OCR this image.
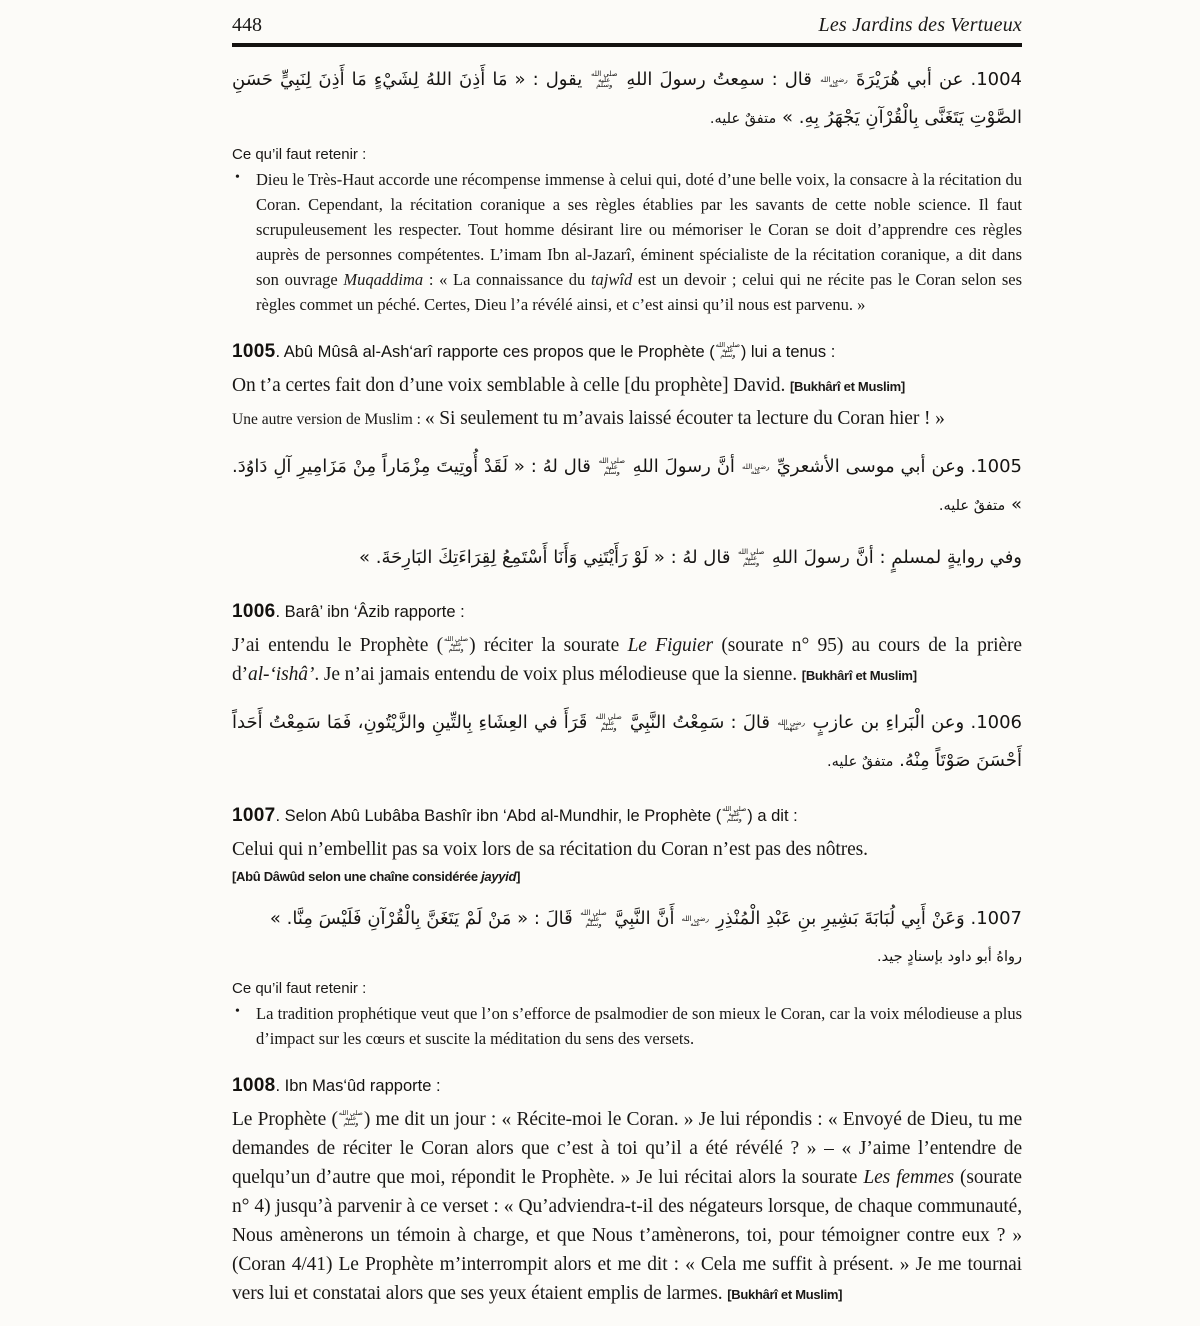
448	Les Jardins des Vertueux

1004. عن أبي هُرَيْرَةَ رضي الله عنه قال : سمِعتُ رسولَ اللهِ صلى الله عليه وسلم يقول : « مَا أَذِنَ اللهُ لِشَيْءٍ مَا أَذِنَ لِنَبِيٍّ حَسَنِ الصَّوْتِ يَتَغَنَّى بِالْقُرْآنِ يَجْهَرُ بِهِ. » متفقٌ عليه.

Ce qu’il faut retenir :
• Dieu le Très-Haut accorde une récompense immense à celui qui, doté d’une belle voix, la consacre à la récitation du Coran. Cependant, la récitation coranique a ses règles établies par les savants de cette noble science. Il faut scrupuleusement les respecter. Tout homme désirant lire ou mémoriser le Coran se doit d’apprendre ces règles auprès de personnes compétentes. L’imam Ibn al-Jazarî, éminent spécialiste de la récitation coranique, a dit dans son ouvrage Muqaddima : « La connaissance du tajwîd est un devoir ; celui qui ne récite pas le Coran selon ses règles commet un péché. Certes, Dieu l’a révélé ainsi, et c’est ainsi qu’il nous est parvenu. »
1005. Abû Mûsâ al-Ash‘arî rapporte ces propos que le Prophète (صلى الله عليه وسلم ) lui a tenus :

On t’a certes fait don d’une voix semblable à celle [du prophète] David. [Bukhârî et Muslim]

Une autre version de Muslim : « Si seulement tu m’avais laissé écouter ta lecture du Coran hier ! »

1005. وعن أبي موسى الأشعريِّ رضي الله عنه أنَّ رسولَ اللهِ صلى الله عليه وسلم قال لهُ : « لَقَدْ أُوتِيتَ مِزْمَاراً مِنْ مَزَامِيرِ آلِ دَاوُدَ. » متفقٌ عليه.

وفي روايةٍ لمسلمٍ : أنَّ رسولَ اللهِ صلى الله عليه وسلم قال لهُ : « لَوْ رَأَيْتَنِي وَأَنَا أَسْتَمِعُ لِقِرَاءَتِكَ البَارِحَةَ. »

1006. Barâ’ ibn ‘Âzib rapporte :

J’ai entendu le Prophète (صلى الله عليه وسلم ) réciter la sourate Le Figuier (sourate n° 95) au cours de la prière d’al-‘ishâ’. Je n’ai jamais entendu de voix plus mélodieuse que la sienne. [Bukhârî et Muslim]

1006. وعن الْبَراءِ بن عازبٍ رضي الله عنهما قالَ : سَمِعْتُ النَّبِيَّ صلى الله عليه وسلم قَرَأَ في العِشَاءِ بِالتِّينِ والزَّيْتُونِ، فَمَا سَمِعْتُ أَحَداً أَحْسَنَ صَوْتَاً مِنْهُ. متفقٌ عليه.

1007. Selon Abû Lubâba Bashîr ibn ‘Abd al-Mundhir, le Prophète (صلى الله عليه وسلم ) a dit :

Celui qui n’embellit pas sa voix lors de sa récitation du Coran n’est pas des nôtres.

[Abû Dâwûd selon une chaîne considérée jayyid]

1007. وَعَنْ أَبِي لُبَابَةَ بَشِيرِ بنِ عَبْدِ الْمُنْذِرِ رضي الله عنه أَنَّ النَّبِيَّ صلى الله عليه وسلم قَالَ : « مَنْ لَمْ يَتَغَنَّ بِالْقُرْآنِ فَلَيْسَ مِنَّا. »

رواهُ أبو داود بإسنادٍ جيد.

Ce qu’il faut retenir :
• La tradition prophétique veut que l’on s’efforce de psalmodier de son mieux le Coran, car la voix mélodieuse a plus d’impact sur les cœurs et suscite la méditation du sens des versets.
1008. Ibn Mas‘ûd rapporte :

Le Prophète (صلى الله عليه وسلم ) me dit un jour : « Récite-moi le Coran. » Je lui répondis : « Envoyé de Dieu, tu me demandes de réciter le Coran alors que c’est à toi qu’il a été révélé ? » – « J’aime l’entendre de quelqu’un d’autre que moi, répondit le Prophète. » Je lui récitai alors la sourate Les femmes (sourate n° 4) jusqu’à parvenir à ce verset : « Qu’adviendra-t-il des négateurs lorsque, de chaque communauté, Nous amènerons un témoin à charge, et que Nous t’amènerons, toi, pour témoigner contre eux ? » (Coran 4/41) Le Prophète m’interrompit alors et me dit : « Cela me suffit à présent. » Je me tournai vers lui et constatai alors que ses yeux étaient emplis de larmes. [Bukhârî et Muslim]
